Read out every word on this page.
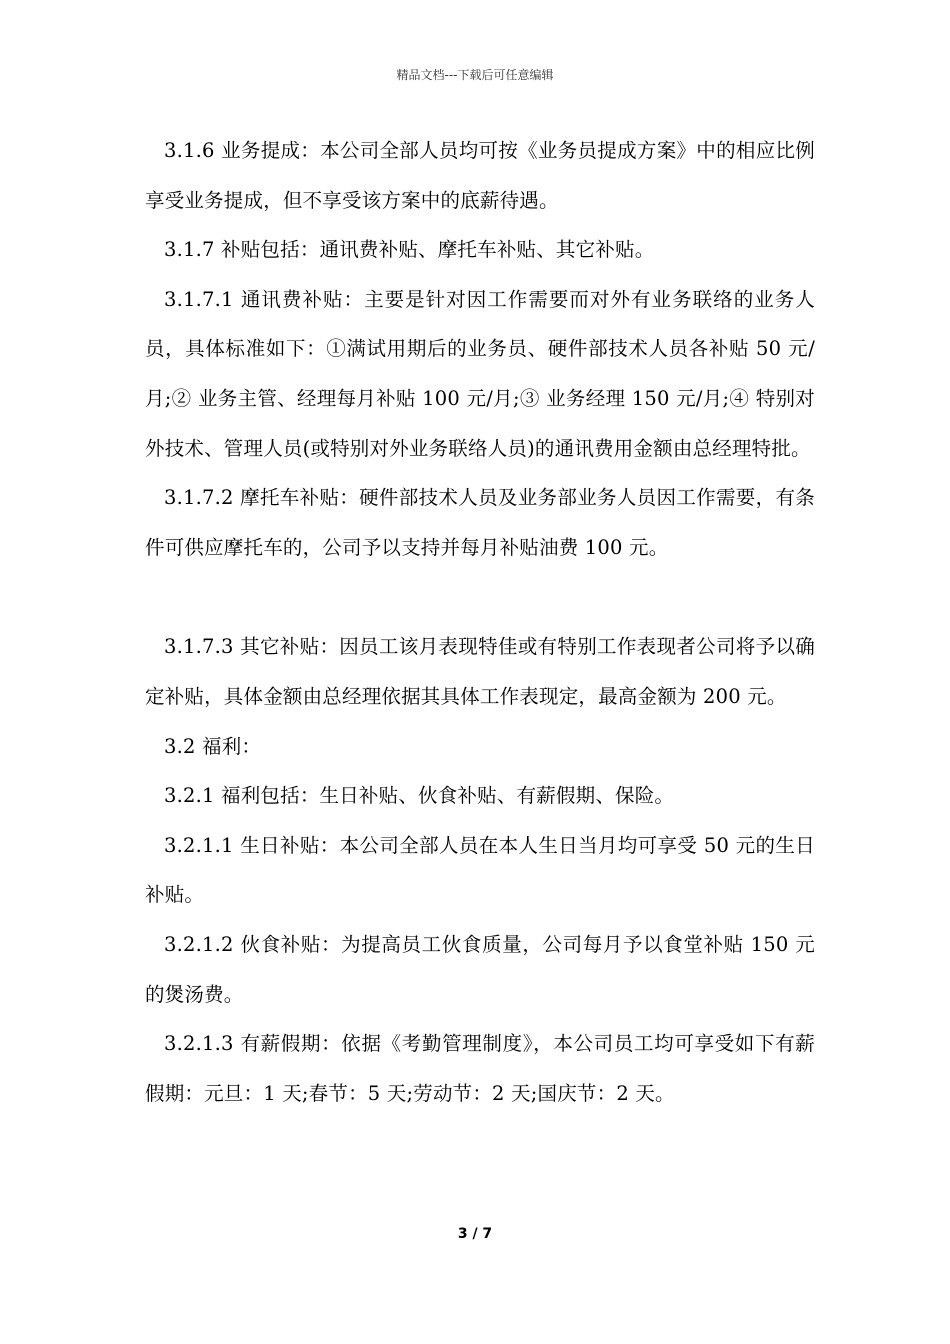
精品文档---下载后可任意编辑

3.1.6 业务提成：本公司全部人员均可按《业务员提成方案》中的相应比例享受业务提成，但不享受该方案中的底薪待遇。

3.1.7 补贴包括：通讯费补贴、摩托车补贴、其它补贴。

3.1.7.1 通讯费补贴：主要是针对因工作需要而对外有业务联络的业务人员，具体标准如下：①满试用期后的业务员、硬件部技术人员各补贴 50 元/月;② 业务主管、经理每月补贴 100 元/月;③ 业务经理 150 元/月;④ 特别对外技术、管理人员(或特别对外业务联络人员)的通讯费用金额由总经理特批。

3.1.7.2 摩托车补贴：硬件部技术人员及业务部业务人员因工作需要，有条件可供应摩托车的，公司予以支持并每月补贴油费 100 元。

3.1.7.3 其它补贴：因员工该月表现特佳或有特别工作表现者公司将予以确定补贴，具体金额由总经理依据其具体工作表现定，最高金额为 200 元。

3.2 福利：

3.2.1 福利包括：生日补贴、伙食补贴、有薪假期、保险。

3.2.1.1 生日补贴：本公司全部人员在本人生日当月均可享受 50 元的生日补贴。

3.2.1.2 伙食补贴：为提高员工伙食质量，公司每月予以食堂补贴 150 元的煲汤费。

3.2.1.3 有薪假期：依据《考勤管理制度》，本公司员工均可享受如下有薪假期：元旦：1 天;春节：5 天;劳动节：2 天;国庆节：2 天。

3 / 7
